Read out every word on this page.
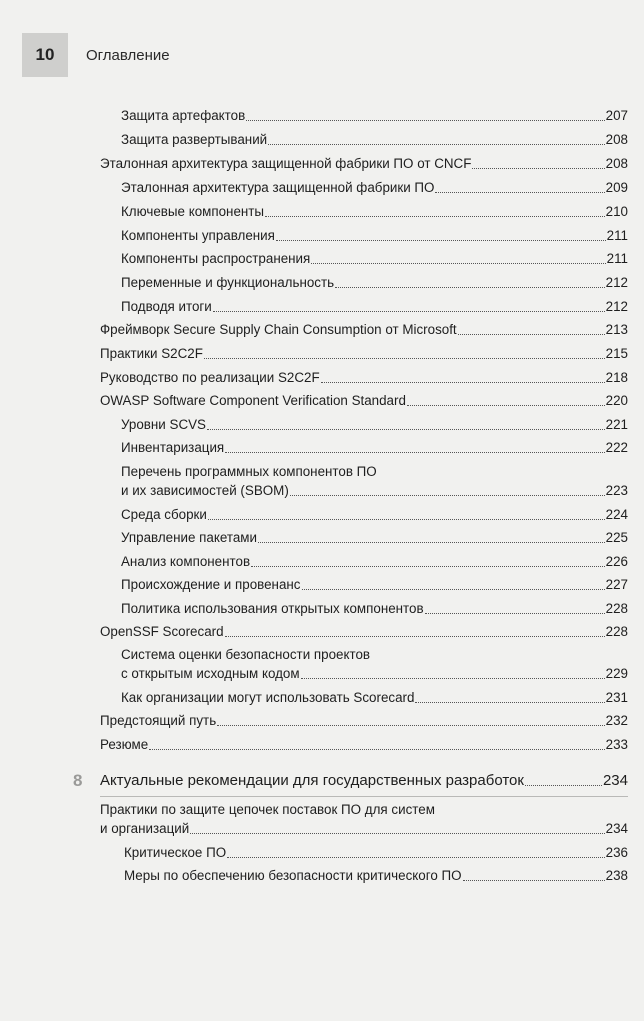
10 Оглавление
Защита артефактов	207
Защита развертываний	208
Эталонная архитектура защищенной фабрики ПО от CNCF	208
Эталонная архитектура защищенной фабрики ПО	209
Ключевые компоненты	210
Компоненты управления	211
Компоненты распространения	211
Переменные и функциональность	212
Подводя итоги	212
Фреймворк Secure Supply Chain Consumption от Microsoft	213
Практики S2C2F	215
Руководство по реализации S2C2F	218
OWASP Software Component Verification Standard	220
Уровни SCVS	221
Инвентаризация	222
Перечень программных компонентов ПО
и их зависимостей (SBOM)	223
Среда сборки	224
Управление пакетами	225
Анализ компонентов	226
Происхождение и провенанс	227
Политика использования открытых компонентов	228
OpenSSF Scorecard	228
Система оценки безопасности проектов
с открытым исходным кодом	229
Как организации могут использовать Scorecard	231
Предстоящий путь	232
Резюме	233
8 Актуальные рекомендации для государственных разработок	234
Практики по защите цепочек поставок ПО для систем
и организаций	234
Критическое ПО	236
Меры по обеспечению безопасности критического ПО	238
